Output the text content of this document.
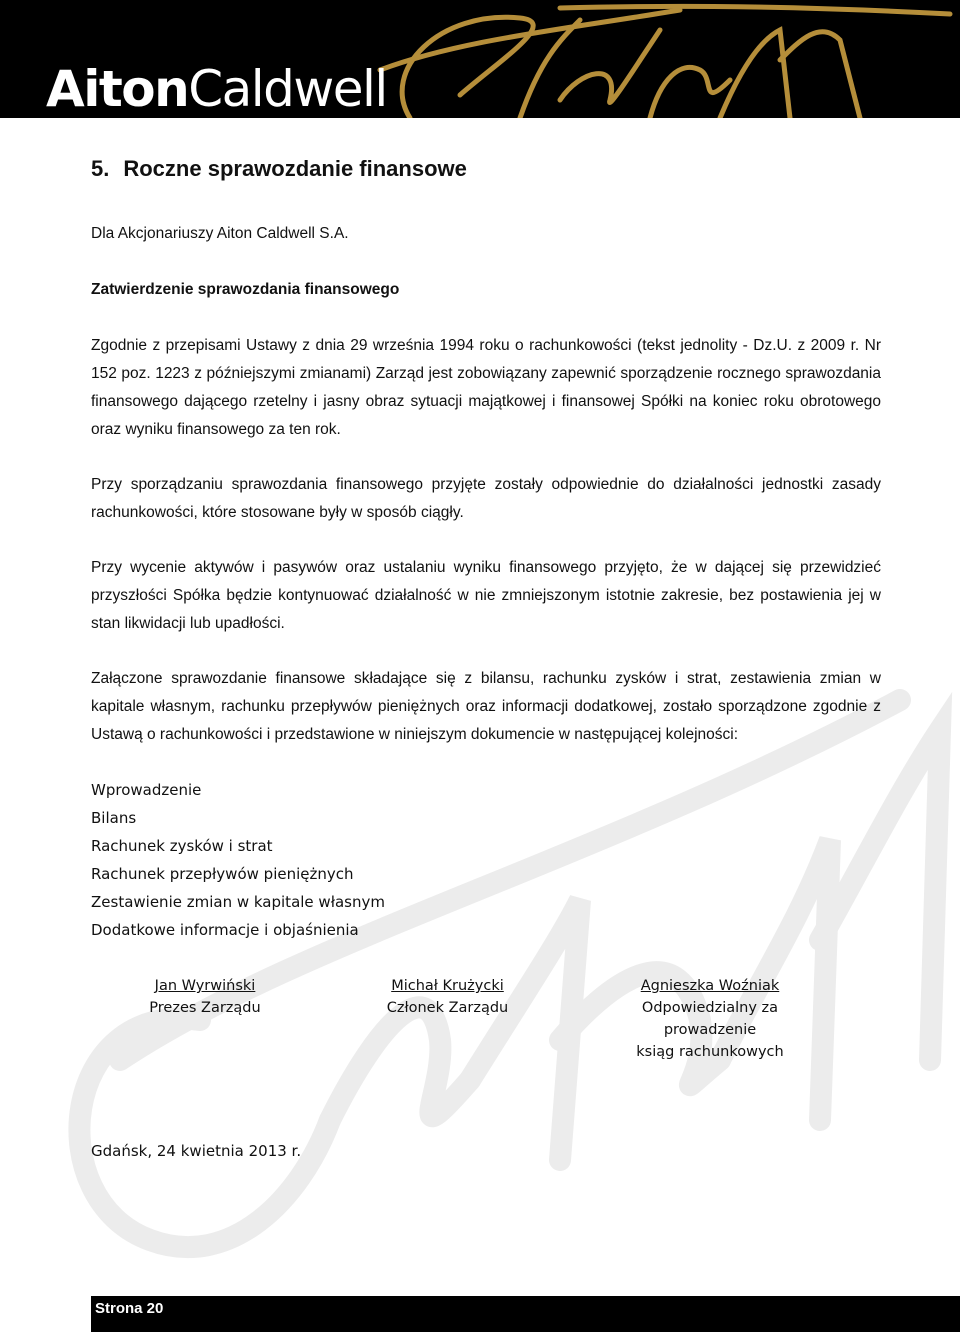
AitonCaldwell
5. Roczne sprawozdanie finansowe
Dla Akcjonariuszy Aiton Caldwell S.A.
Zatwierdzenie sprawozdania finansowego
Zgodnie z przepisami Ustawy z dnia 29 września 1994 roku o rachunkowości (tekst jednolity - Dz.U. z 2009 r. Nr 152 poz. 1223 z późniejszymi zmianami) Zarząd jest zobowiązany zapewnić sporządzenie rocznego sprawozdania finansowego dającego rzetelny i jasny obraz sytuacji majątkowej i finansowej Spółki na koniec roku obrotowego oraz wyniku finansowego za ten rok.
Przy sporządzaniu sprawozdania finansowego przyjęte zostały odpowiednie do działalności jednostki zasady rachunkowości, które stosowane były w sposób ciągły.
Przy wycenie aktywów i pasywów oraz ustalaniu wyniku finansowego przyjęto, że w dającej się przewidzieć przyszłości Spółka będzie kontynuować działalność w nie zmniejszonym istotnie zakresie, bez postawienia jej w stan likwidacji lub upadłości.
Załączone sprawozdanie finansowe składające się z bilansu, rachunku zysków i strat, zestawienia zmian w kapitale własnym, rachunku przepływów pieniężnych oraz informacji dodatkowej, zostało sporządzone zgodnie z Ustawą o rachunkowości i przedstawione w niniejszym dokumencie w następującej kolejności:
Wprowadzenie
Bilans
Rachunek zysków i strat
Rachunek przepływów pieniężnych
Zestawienie zmian w kapitale własnym
Dodatkowe informacje i objaśnienia
Jan Wyrwiński
Prezes Zarządu
Michał Krużycki
Członek Zarządu
Agnieszka Woźniak
Odpowiedzialny za
prowadzenie
ksiąg rachunkowych
Gdańsk, 24 kwietnia 2013 r.
Strona 20
